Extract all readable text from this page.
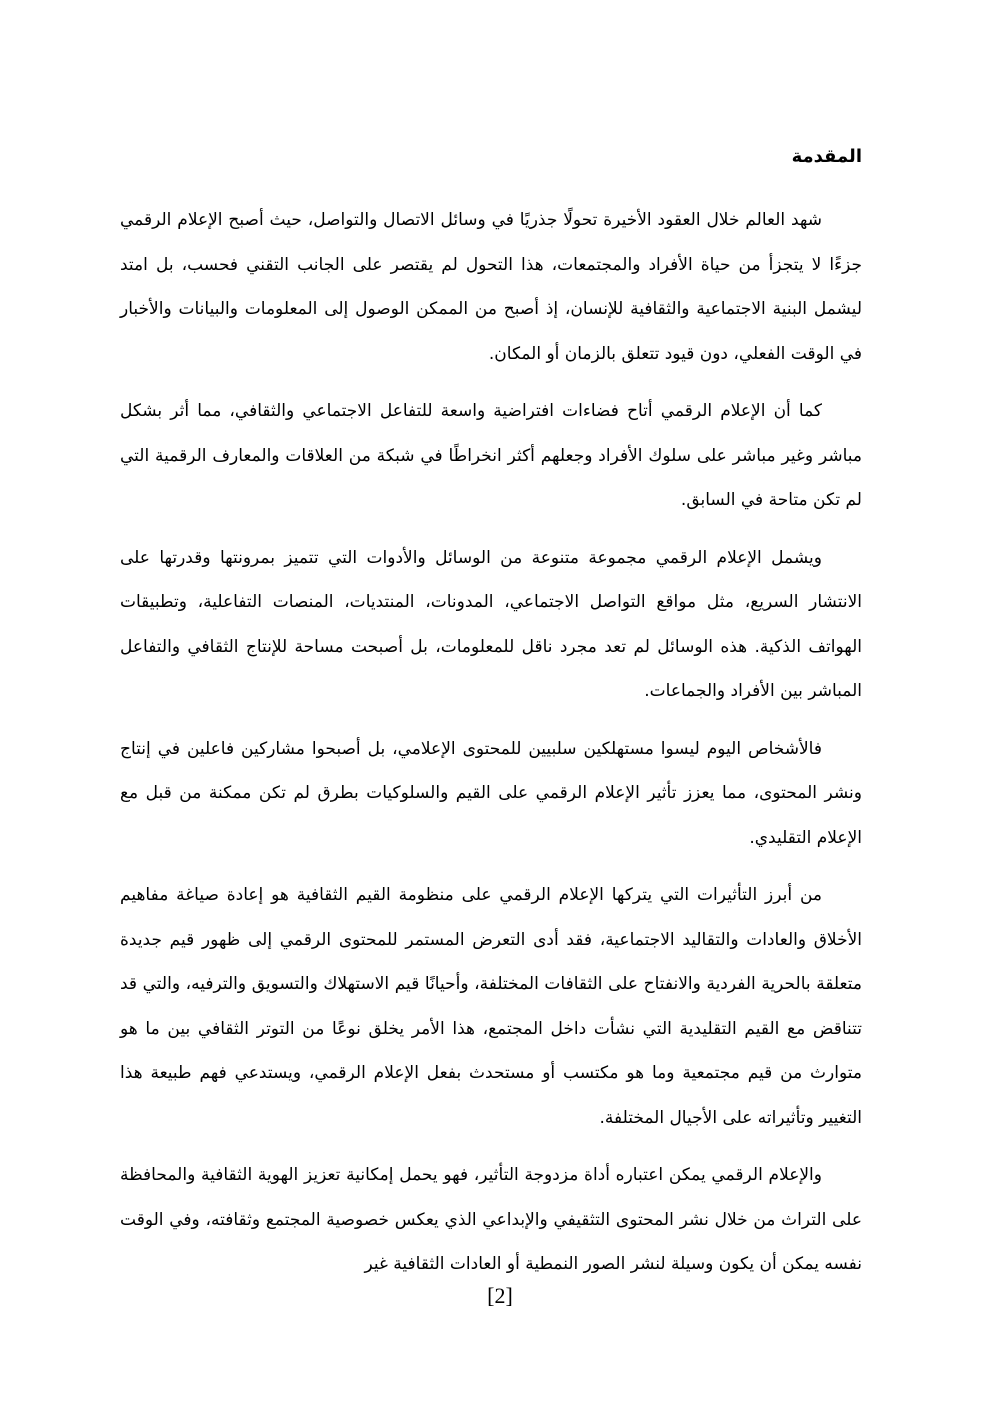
المقدمة

شهد العالم خلال العقود الأخيرة تحولًا جذريًا في وسائل الاتصال والتواصل، حيث أصبح الإعلام الرقمي جزءًا لا يتجزأ من حياة الأفراد والمجتمعات، هذا التحول لم يقتصر على الجانب التقني فحسب، بل امتد ليشمل البنية الاجتماعية والثقافية للإنسان، إذ أصبح من الممكن الوصول إلى المعلومات والبيانات والأخبار في الوقت الفعلي، دون قيود تتعلق بالزمان أو المكان.

كما أن الإعلام الرقمي أتاح فضاءات افتراضية واسعة للتفاعل الاجتماعي والثقافي، مما أثر بشكل مباشر وغير مباشر على سلوك الأفراد وجعلهم أكثر انخراطًا في شبكة من العلاقات والمعارف الرقمية التي لم تكن متاحة في السابق.

ويشمل الإعلام الرقمي مجموعة متنوعة من الوسائل والأدوات التي تتميز بمرونتها وقدرتها على الانتشار السريع، مثل مواقع التواصل الاجتماعي، المدونات، المنتديات، المنصات التفاعلية، وتطبيقات الهواتف الذكية. هذه الوسائل لم تعد مجرد ناقل للمعلومات، بل أصبحت مساحة للإنتاج الثقافي والتفاعل المباشر بين الأفراد والجماعات.

فالأشخاص اليوم ليسوا مستهلكين سلبيين للمحتوى الإعلامي، بل أصبحوا مشاركين فاعلين في إنتاج ونشر المحتوى، مما يعزز تأثير الإعلام الرقمي على القيم والسلوكيات بطرق لم تكن ممكنة من قبل مع الإعلام التقليدي.

من أبرز التأثيرات التي يتركها الإعلام الرقمي على منظومة القيم الثقافية هو إعادة صياغة مفاهيم الأخلاق والعادات والتقاليد الاجتماعية، فقد أدى التعرض المستمر للمحتوى الرقمي إلى ظهور قيم جديدة متعلقة بالحرية الفردية والانفتاح على الثقافات المختلفة، وأحيانًا قيم الاستهلاك والتسويق والترفيه، والتي قد تتناقض مع القيم التقليدية التي نشأت داخل المجتمع، هذا الأمر يخلق نوعًا من التوتر الثقافي بين ما هو متوارث من قيم مجتمعية وما هو مكتسب أو مستحدث بفعل الإعلام الرقمي، ويستدعي فهم طبيعة هذا التغيير وتأثيراته على الأجيال المختلفة.

والإعلام الرقمي يمكن اعتباره أداة مزدوجة التأثير، فهو يحمل إمكانية تعزيز الهوية الثقافية والمحافظة على التراث من خلال نشر المحتوى التثقيفي والإبداعي الذي يعكس خصوصية المجتمع وثقافته، وفي الوقت نفسه يمكن أن يكون وسيلة لنشر الصور النمطية أو العادات الثقافية غير

[2]
